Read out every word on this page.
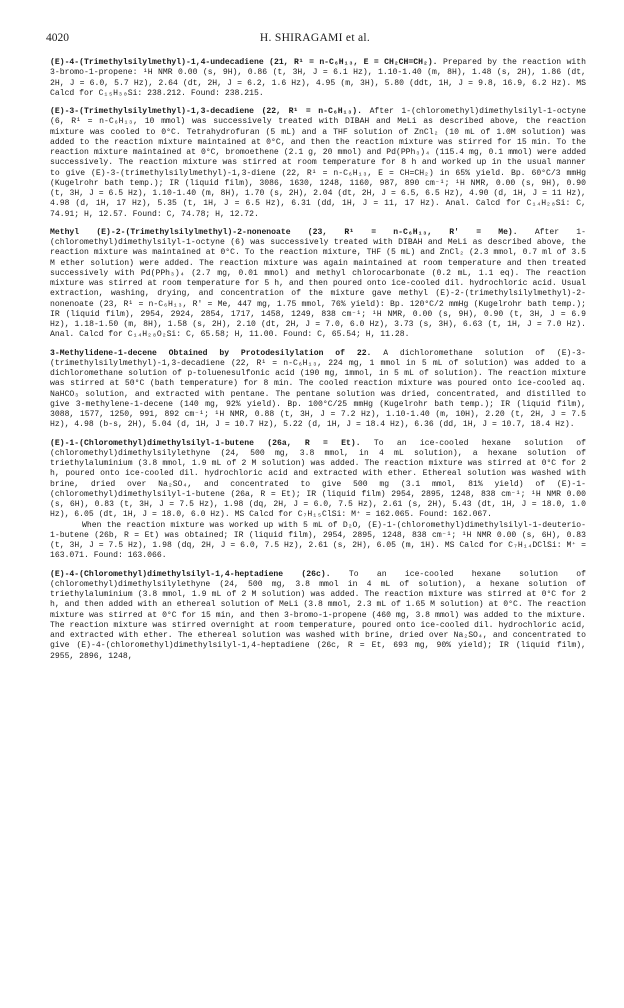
4020	H. SHIRAGAMI et al.

(E)-4-(Trimethylsilylmethyl)-1,4-undecadiene (21, R¹ = n-C₆H₁₃, E = CH₂CH=CH₂). Prepared by the reaction with 3-bromo-1-propene: ¹H NMR 0.00 (s, 9H), 0.86 (t, 3H, J = 6.1 Hz), 1.10-1.40 (m, 8H), 1.48 (s, 2H), 1.86 (dt, 2H, J = 6.0, 5.7 Hz), 2.64 (dt, 2H, J = 6.2, 1.6 Hz), 4.95 (m, 3H), 5.80 (ddt, 1H, J = 9.8, 16.9, 6.2 Hz). MS Calcd for C₁₅H₃₀Si: 238.212. Found: 238.215.

(E)-3-(Trimethylsilylmethyl)-1,3-decadiene (22, R¹ = n-C₆H₁₃). After 1-(chloromethyl)dimethylsilyl-1-octyne (6, R¹ = n-C₆H₁₃, 10 mmol) was successively treated with DIBAH and MeLi as described above, the reaction mixture was cooled to 0°C. Tetrahydrofuran (5 mL) and a THF solution of ZnCl₂ (10 mL of 1.0M solution) was added to the reaction mixture maintained at 0°C, and then the reaction mixture was stirred for 15 min. To the reaction mixture maintained at 0°C, bromoethene (2.1 g, 20 mmol) and Pd(PPh₃)₄ (115.4 mg, 0.1 mmol) were added successively. The reaction mixture was stirred at room temperature for 8 h and worked up in the usual manner to give (E)-3-(trimethylsilylmethyl)-1,3-diene (22, R¹ = n-C₆H₁₃, E = CH=CH₂) in 65% yield. Bp. 60°C/3 mmHg (Kugelrohr bath temp.); IR (liquid film), 3086, 1630, 1248, 1160, 987, 890 cm⁻¹; ¹H NMR, 0.00 (s, 9H), 0.90 (t, 3H, J = 6.5 Hz), 1.10-1.40 (m, 8H), 1.70 (s, 2H), 2.04 (dt, 2H, J = 6.5, 6.5 Hz), 4.90 (d, 1H, J = 11 Hz), 4.98 (d, 1H, 17 Hz), 5.35 (t, 1H, J = 6.5 Hz), 6.31 (dd, 1H, J = 11, 17 Hz). Anal. Calcd for C₁₄H₂₈Si: C, 74.91; H, 12.57. Found: C, 74.78; H, 12.72.

Methyl (E)-2-(Trimethylsilylmethyl)-2-nonenoate (23, R¹ = n-C₆H₁₃, R' = Me). After 1-(chloromethyl)dimethylsilyl-1-octyne (6) was successively treated with DIBAH and MeLi as described above, the reaction mixture was maintained at 0°C. To the reaction mixture, THF (5 mL) and ZnCl₂ (2.3 mmol, 0.7 ml of 3.5 M ether solution) were added. The reaction mixture was again maintained at room temperature and then treated successively with Pd(PPh₃)₄ (2.7 mg, 0.01 mmol) and methyl chlorocarbonate (0.2 mL, 1.1 eq). The reaction mixture was stirred at room temperature for 5 h, and then poured onto ice-cooled dil. hydrochloric acid. Usual extraction, washing, drying, and concentration of the mixture gave methyl (E)-2-(trimethylsilylmethyl)-2-nonenoate (23, R¹ = n-C₆H₁₃, R' = Me, 447 mg, 1.75 mmol, 76% yield): Bp. 120°C/2 mmHg (Kugelrohr bath temp.); IR (liquid film), 2954, 2924, 2854, 1717, 1458, 1249, 838 cm⁻¹; ¹H NMR, 0.00 (s, 9H), 0.90 (t, 3H, J = 6.9 Hz), 1.18-1.50 (m, 8H), 1.58 (s, 2H), 2.10 (dt, 2H, J = 7.0, 6.0 Hz), 3.73 (s, 3H), 6.63 (t, 1H, J = 7.0 Hz). Anal. Calcd for C₁₄H₂₈O₂Si: C, 65.58; H, 11.00. Found: C, 65.54; H, 11.28.

3-Methylidene-1-decene Obtained by Protodesilylation of 22. A dichloromethane solution of (E)-3-(trimethylsilylmethyl)-1,3-decadiene (22, R¹ = n-C₆H₁₃, 224 mg, 1 mmol in 5 mL of solution) was added to a dichloromethane solution of p-toluenesulfonic acid (190 mg, 1mmol, in 5 mL of solution). The reaction mixture was stirred at 50°C (bath temperature) for 8 min. The cooled reaction mixture was poured onto ice-cooled aq. NaHCO₃ solution, and extracted with pentane. The pentane solution was dried, concentrated, and distilled to give 3-methylene-1-decene (140 mg, 92% yield). Bp. 100°C/25 mmHg (Kugelrohr bath temp.); IR (liquid film), 3088, 1577, 1250, 991, 892 cm⁻¹; ¹H NMR, 0.88 (t, 3H, J = 7.2 Hz), 1.10-1.40 (m, 10H), 2.20 (t, 2H, J = 7.5 Hz), 4.98 (b-s, 2H), 5.04 (d, 1H, J = 10.7 Hz), 5.22 (d, 1H, J = 18.4 Hz), 6.36 (dd, 1H, J = 10.7, 18.4 Hz).

(E)-1-(Chloromethyl)dimethylsilyl-1-butene (26a, R = Et). To an ice-cooled hexane solution of (chloromethyl)dimethylsilylethyne (24, 500 mg, 3.8 mmol, in 4 mL solution), a hexane solution of triethylaluminium (3.8 mmol, 1.9 mL of 2 M solution) was added. The reaction mixture was stirred at 0°C for 2 h, poured onto ice-cooled dil. hydrochloric acid and extracted with ether. Ethereal solution was washed with brine, dried over Na₂SO₄, and concentrated to give 500 mg (3.1 mmol, 81% yield) of (E)-1-(chloromethyl)dimethylsilyl-1-butene (26a, R = Et); IR (liquid film) 2954, 2895, 1248, 838 cm⁻¹; ¹H NMR 0.00 (s, 6H), 0.83 (t, 3H, J = 7.5 Hz), 1.98 (dq, 2H, J = 6.0, 7.5 Hz), 2.61 (s, 2H), 5.43 (dt, 1H, J = 18.0, 1.0 Hz), 6.05 (dt, 1H, J = 18.0, 6.0 Hz). MS Calcd for C₇H₁₅ClSi: M⁺ = 162.065. Found: 162.067.

When the reaction mixture was worked up with 5 mL of D₂O, (E)-1-(chloromethyl)dimethylsilyl-1-deuterio-1-butene (26b, R = Et) was obtained; IR (liquid film), 2954, 2895, 1248, 838 cm⁻¹; ¹H NMR 0.00 (s, 6H), 0.83 (t, 3H, J = 7.5 Hz), 1.98 (dq, 2H, J = 6.0, 7.5 Hz), 2.61 (s, 2H), 6.05 (m, 1H). MS Calcd for C₇H₁₄DClSi: M⁺ = 163.071. Found: 163.066.

(E)-4-(Chloromethyl)dimethylsilyl-1,4-heptadiene (26c). To an ice-cooled hexane solution of (chloromethyl)dimethylsilylethyne (24, 500 mg, 3.8 mmol in 4 mL of solution), a hexane solution of triethylaluminium (3.8 mmol, 1.9 mL of 2 M solution) was added. The reaction mixture was stirred at 0°C for 2 h, and then added with an ethereal solution of MeLi (3.8 mmol, 2.3 mL of 1.65 M solution) at 0°C. The reaction mixture was stirred at 0°C for 15 min, and then 3-bromo-1-propene (460 mg, 3.8 mmol) was added to the mixture. The reaction mixture was stirred overnight at room temperature, poured onto ice-cooled dil. hydrochloric acid, and extracted with ether. The ethereal solution was washed with brine, dried over Na₂SO₄, and concentrated to give (E)-4-(chloromethyl)dimethylsilyl-1,4-heptadiene (26c, R = Et, 693 mg, 90% yield); IR (liquid film), 2955, 2896, 1248,
